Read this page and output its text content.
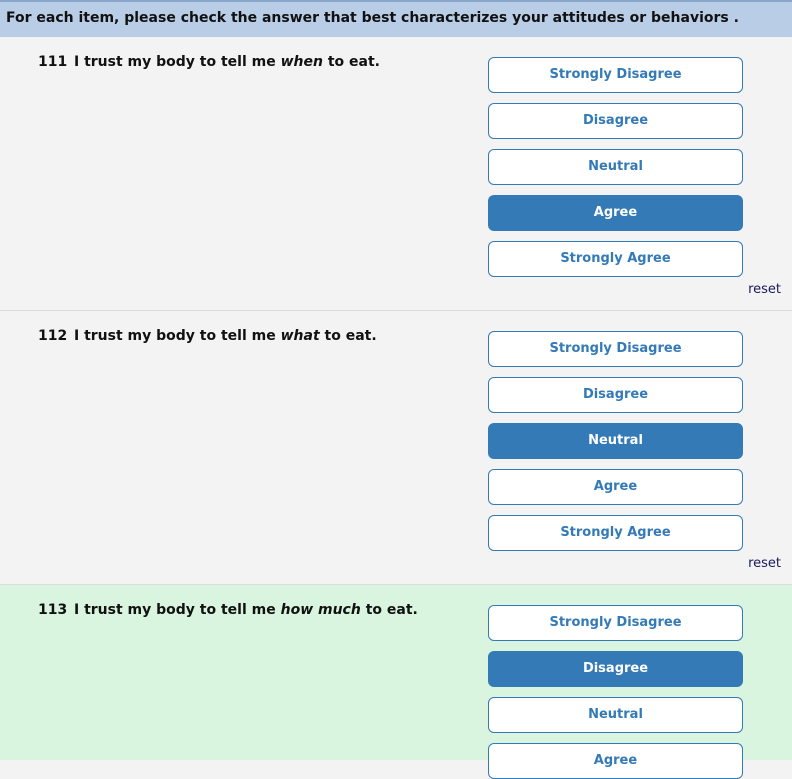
For each item, please check the answer that best characterizes your attitudes or behaviors .
111 I trust my body to tell me when to eat.
Strongly Disagree
Disagree
Neutral
Agree
Strongly Agree
reset
112 I trust my body to tell me what to eat.
Strongly Disagree
Disagree
Neutral
Agree
Strongly Agree
reset
113 I trust my body to tell me how much to eat.
Strongly Disagree
Disagree
Neutral
Agree
